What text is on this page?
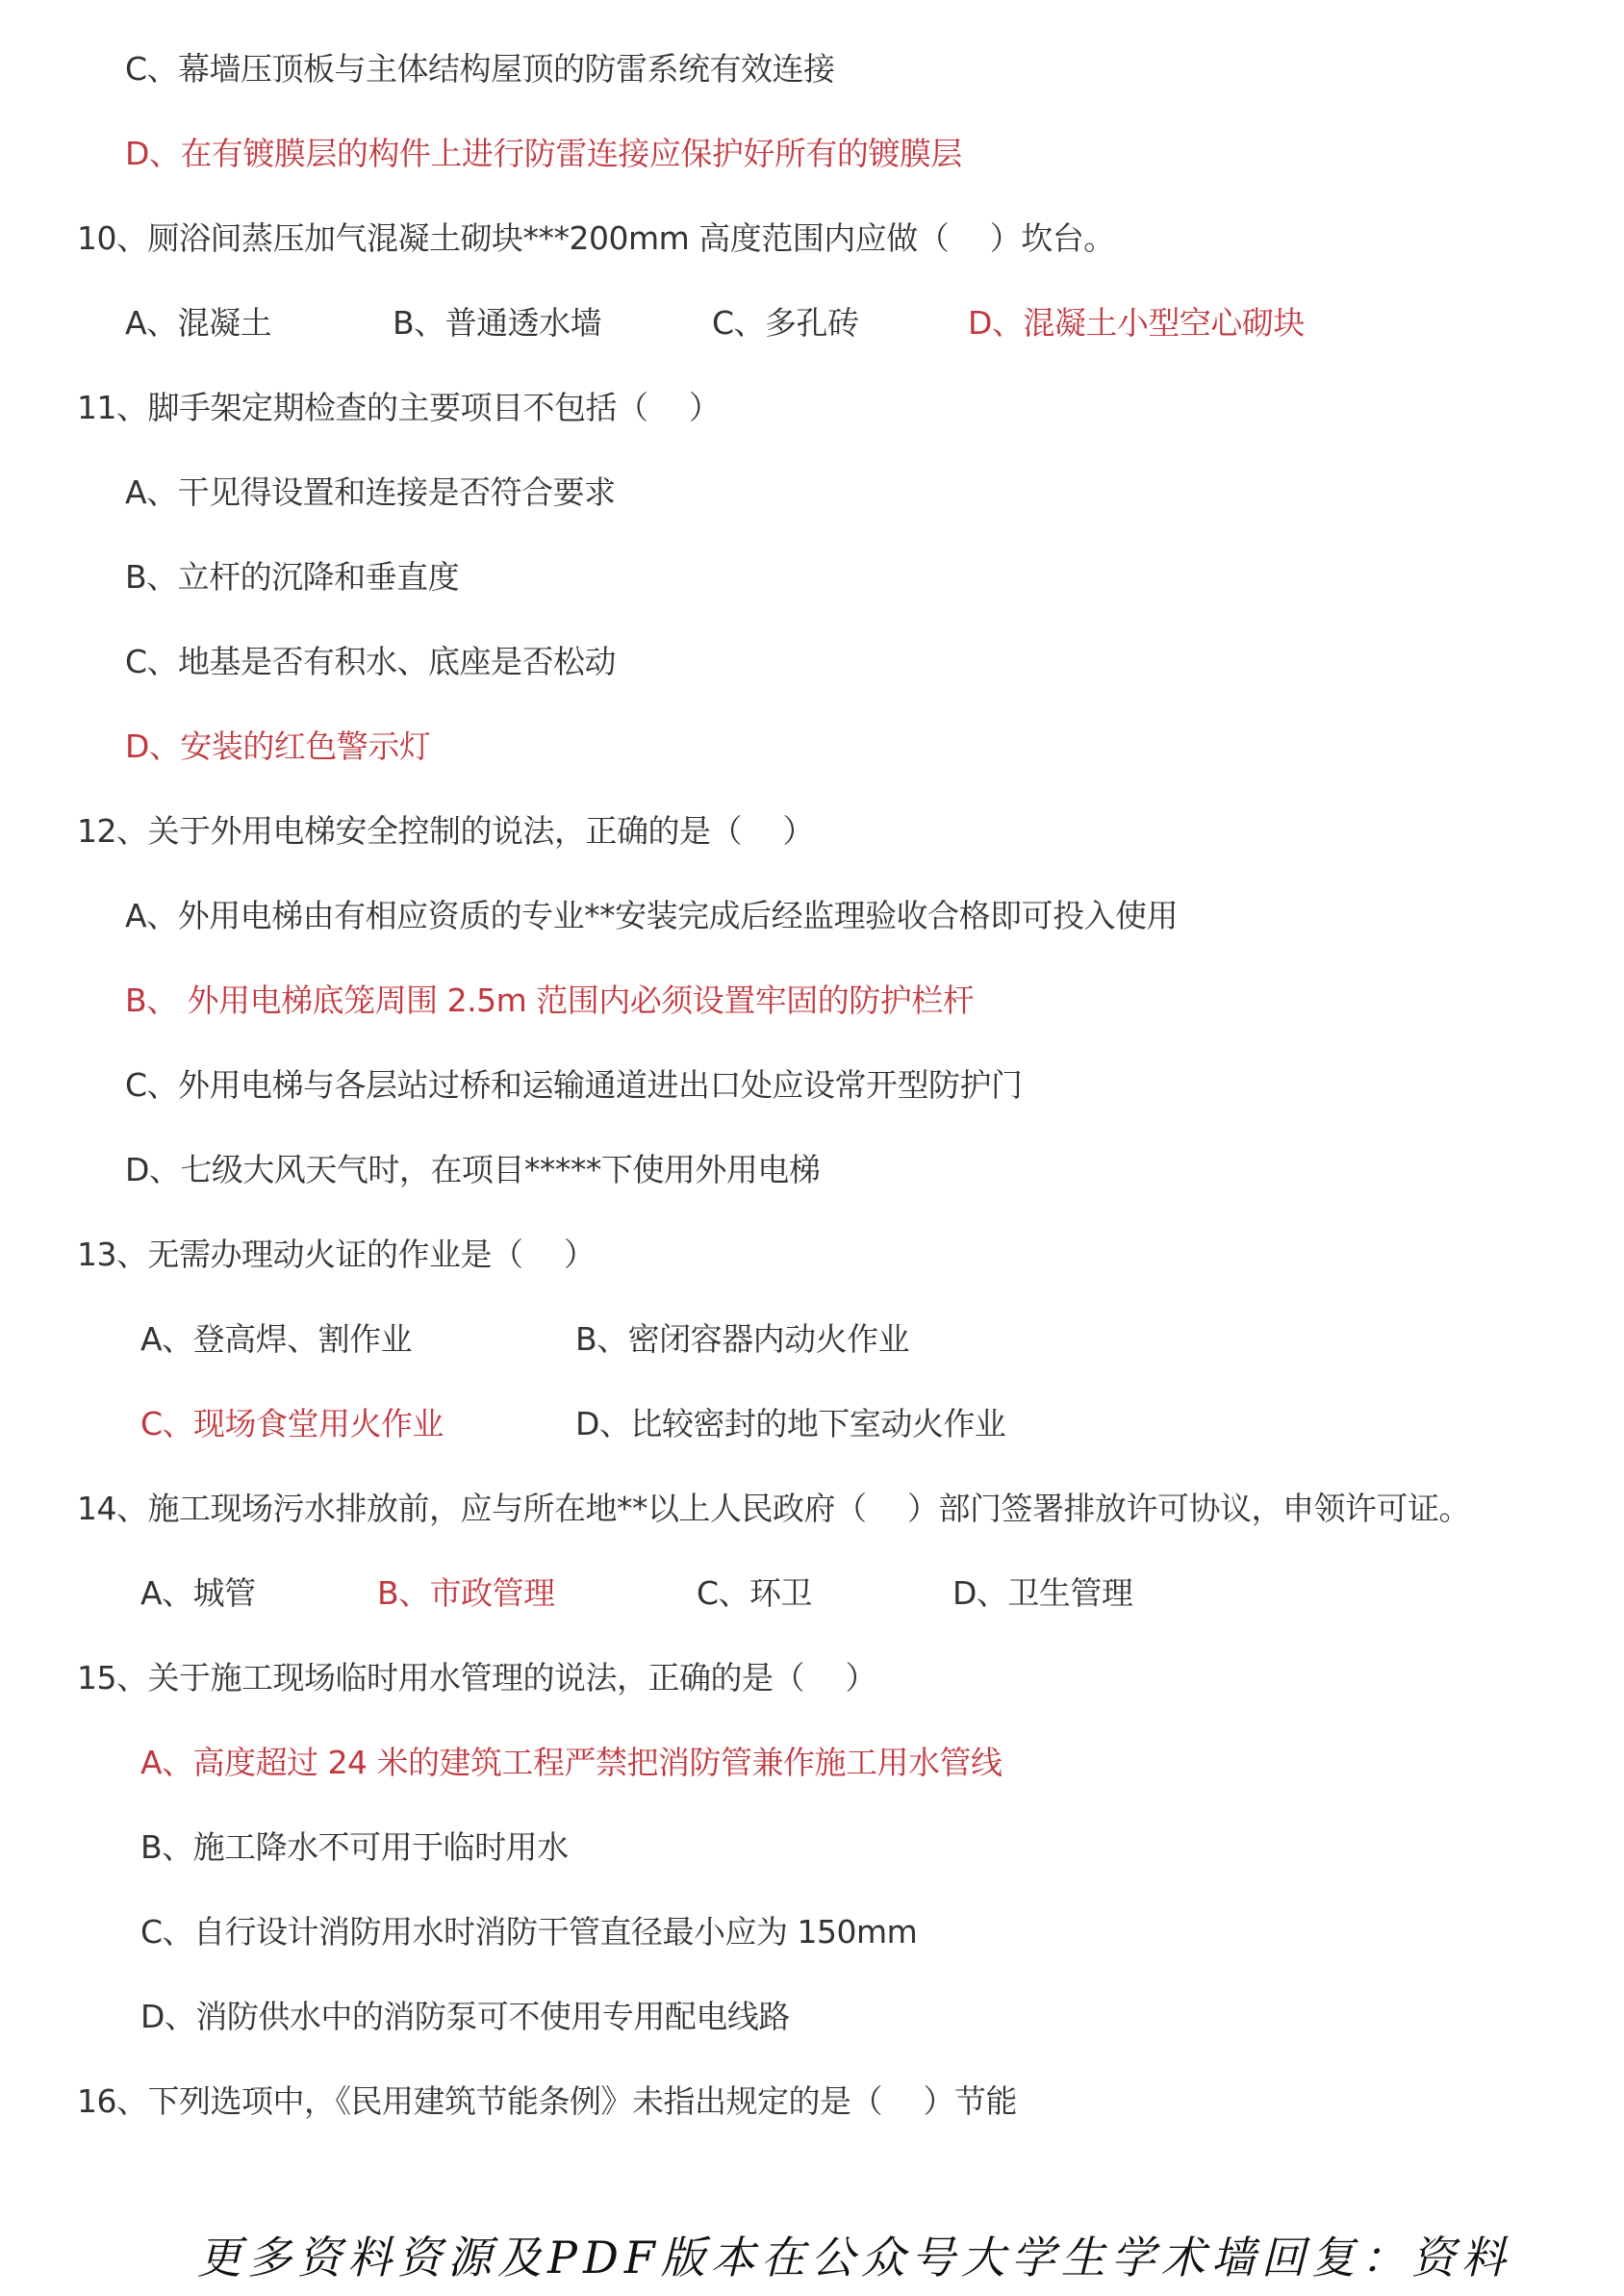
C、幕墙压顶板与主体结构屋顶的防雷系统有效连接
D、在有镀膜层的构件上进行防雷连接应保护好所有的镀膜层
10、厕浴间蒸压加气混凝土砌块***200mm 高度范围内应做（　 ）坎台。
A、混凝土	B、普通透水墙	C、多孔砖	D、混凝土小型空心砌块
11、脚手架定期检查的主要项目不包括（　 ）
A、干见得设置和连接是否符合要求
B、立杆的沉降和垂直度
C、地基是否有积水、底座是否松动
D、安装的红色警示灯
12、关于外用电梯安全控制的说法，正确的是（　 ）
A、外用电梯由有相应资质的专业**安装完成后经监理验收合格即可投入使用
B、 外用电梯底笼周围 2.5m 范围内必须设置牢固的防护栏杆
C、外用电梯与各层站过桥和运输通道进出口处应设常开型防护门
D、七级大风天气时，在项目*****下使用外用电梯
13、无需办理动火证的作业是（　 ）
A、登高焊、割作业	B、密闭容器内动火作业
C、现场食堂用火作业	D、比较密封的地下室动火作业
14、施工现场污水排放前，应与所在地**以上人民政府（　 ）部门签署排放许可协议，申领许可证。
A、城管	B、市政管理	C、环卫	D、卫生管理
15、关于施工现场临时用水管理的说法，正确的是（　 ）
A、高度超过 24 米的建筑工程严禁把消防管兼作施工用水管线
B、施工降水不可用于临时用水
C、自行设计消防用水时消防干管直径最小应为 150mm
D、消防供水中的消防泵可不使用专用配电线路
16、下列选项中，《民用建筑节能条例》未指出规定的是（　 ）节能
更多资料资源及PDF版本在公众号大学生学术墙回复：资料
